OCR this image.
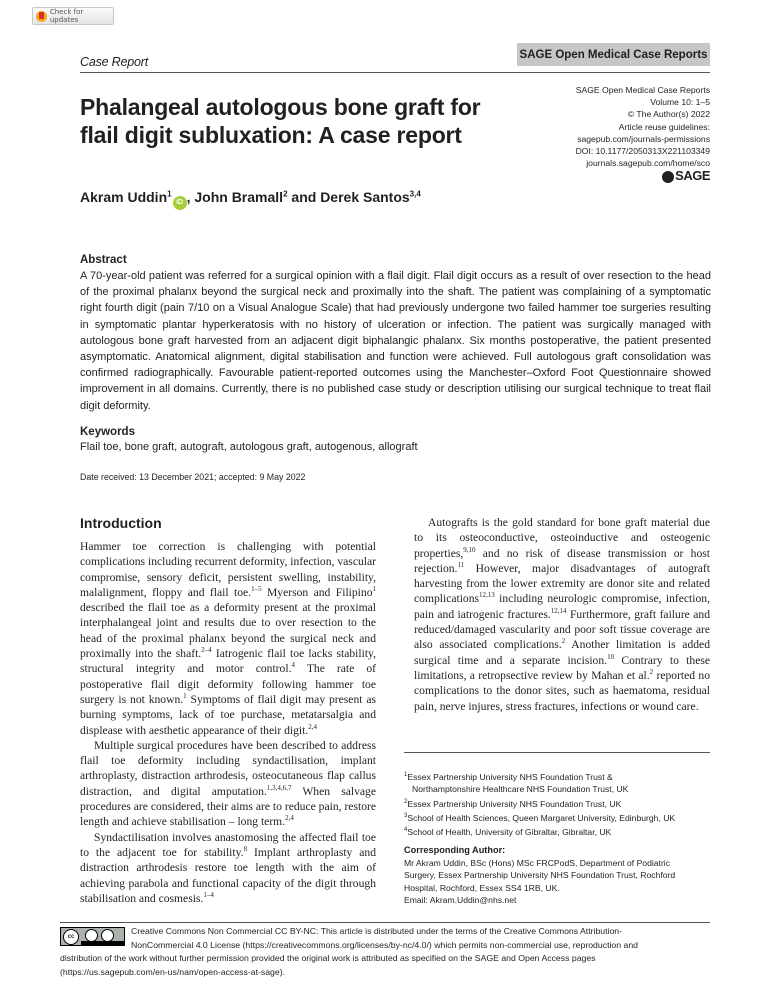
Check for updates
Case Report
SAGE Open Medical Case Reports
SAGE Open Medical Case Reports
Volume 10: 1–5
© The Author(s) 2022
Article reuse guidelines:
sagepub.com/journals-permissions
DOI: 10.1177/2050313X221103349
journals.sagepub.com/home/sco
SAGE
Phalangeal autologous bone graft for flail digit subluxation: A case report
Akram Uddin$^1$iD , John Bramall$^2$ and Derek Santos$^{3,4}$
Abstract
A 70-year-old patient was referred for a surgical opinion with a flail digit. Flail digit occurs as a result of over resection to the head of the proximal phalanx beyond the surgical neck and proximally into the shaft. The patient was complaining of a symptomatic right fourth digit (pain 7/10 on a Visual Analogue Scale) that had previously undergone two failed hammer toe surgeries resulting in symptomatic plantar hyperkeratosis with no history of ulceration or infection. The patient was surgically managed with autologous bone graft harvested from an adjacent digit biphalangic phalanx. Six months postoperative, the patient presented asymptomatic. Anatomical alignment, digital stabilisation and function were achieved. Full autologous graft consolidation was confirmed radiographically. Favourable patient-reported outcomes using the Manchester–Oxford Foot Questionnaire showed improvement in all domains. Currently, there is no published case study or description utilising our surgical technique to treat flail digit deformity.
Keywords
Flail toe, bone graft, autograft, autologous graft, autogenous, allograft
Date received: 13 December 2021; accepted: 9 May 2022
Introduction

Hammer toe correction is challenging with potential complications including recurrent deformity, infection, vascular compromise, sensory deficit, persistent swelling, instability, malalignment, floppy and flail toe.$^{1-5}$ Myerson and Filipino$^1$ described the flail toe as a deformity present at the proximal interphalangeal joint and results due to over resection to the head of the proximal phalanx beyond the surgical neck and proximally into the shaft.$^{2-4}$ Iatrogenic flail toe lacks stability, structural integrity and motor control.$^4$ The rate of postoperative flail digit deformity following hammer toe surgery is not known.$^1$ Symptoms of flail digit may present as burning symptoms, lack of toe purchase, metatarsalgia and displease with aesthetic appearance of their digit.$^{2,4}$

Multiple surgical procedures have been described to address flail toe deformity including syndactilisation, implant arthroplasty, distraction arthrodesis, osteocutaneous flap callus distraction, and digital amputation.$^{1,3,4,6,7}$ When salvage procedures are considered, their aims are to reduce pain, restore length and achieve stabilisation – long term.$^{2,4}$

Syndactilisation involves anastomosing the affected flail toe to the adjacent toe for stability.$^8$ Implant arthroplasty and distraction arthrodesis restore toe length with the aim of achieving parabola and functional capacity of the digit through stabilisation and cosmesis.$^{1-4}$

Autografts is the gold standard for bone graft material due to its osteoconductive, osteoinductive and osteogenic properties,$^{9,10}$ and no risk of disease transmission or host rejection.$^{11}$ However, major disadvantages of autograft harvesting from the lower extremity are donor site and related complications$^{12,13}$ including neurologic compromise, infection, pain and iatrogenic fractures.$^{12,14}$ Furthermore, graft failure and reduced/damaged vascularity and poor soft tissue coverage are also associated complications.$^2$ Another limitation is added surgical time and a separate incision.$^{10}$ Contrary to these limitations, a retropsective review by Mahan et al.$^2$ reported no complications to the donor sites, such as haematoma, residual pain, nerve injures, stress fractures, infections or wound care.

$^1$Essex Partnership University NHS Foundation Trust &
Northamptonshire Healthcare NHS Foundation Trust, UK
$^2$Essex Partnership University NHS Foundation Trust, UK
$^3$School of Health Sciences, Queen Margaret University, Edinburgh, UK
$^4$School of Health, University of Gibraltar, Gibraltar, UK
Corresponding Author:
Mr Akram Uddin, BSc (Hons) MSc FRCPodS, Department of Podiatric
Surgery, Essex Partnership University NHS Foundation Trust, Rochford
Hospital, Rochford, Essex SS4 1RB, UK.
Email: Akram.Uddin@nhs.net
cc
Creative Commons Non Commercial CC BY-NC: This article is distributed under the terms of the Creative Commons Attribution-
NonCommercial 4.0 License (https://creativecommons.org/licenses/by-nc/4.0/) which permits non-commercial use, reproduction and
distribution of the work without further permission provided the original work is attributed as specified on the SAGE and Open Access pages
(https://us.sagepub.com/en-us/nam/open-access-at-sage).
